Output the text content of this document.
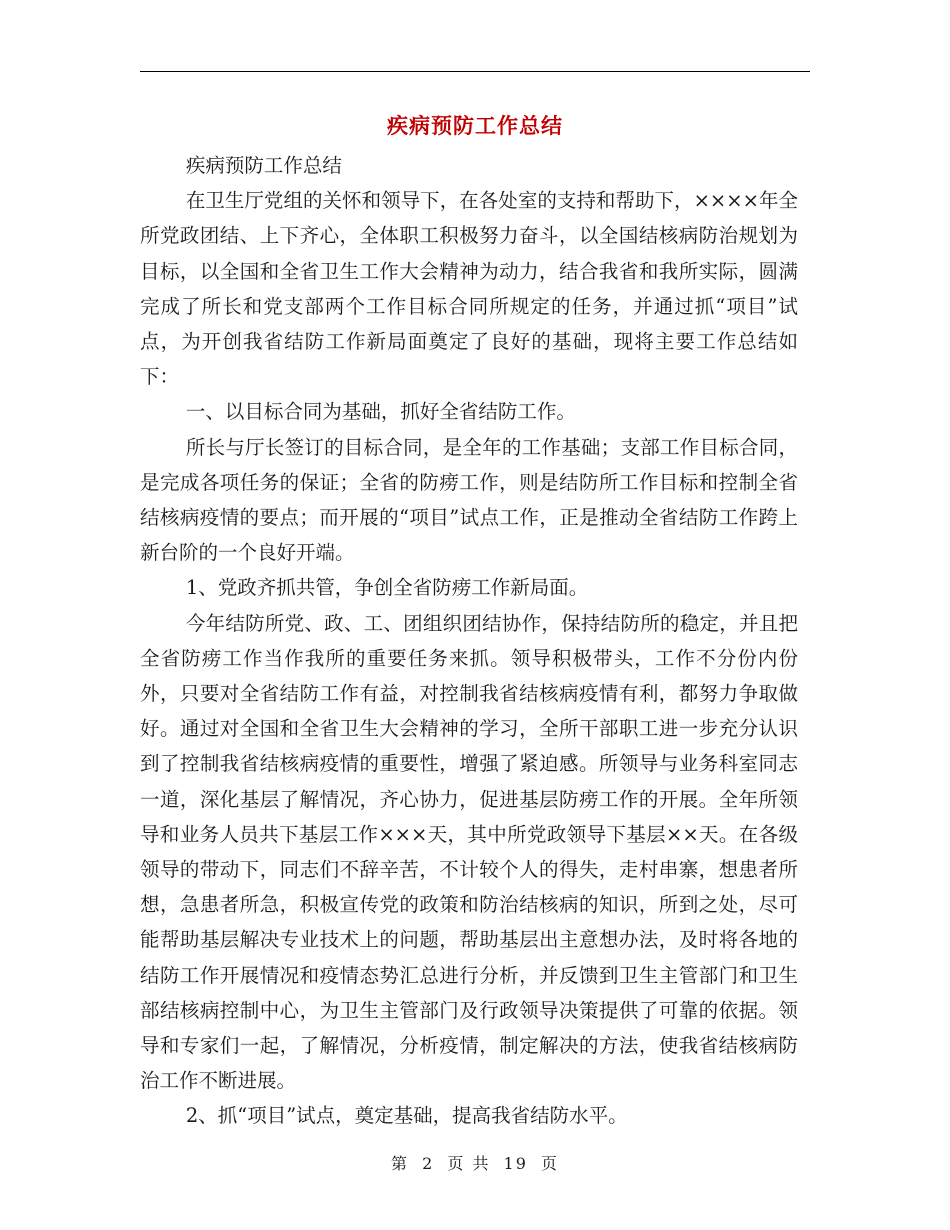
疾病预防工作总结

疾病预防工作总结

在卫生厅党组的关怀和领导下，在各处室的支持和帮助下，××××年全所党政团结、上下齐心，全体职工积极努力奋斗，以全国结核病防治规划为目标，以全国和全省卫生工作大会精神为动力，结合我省和我所实际，圆满完成了所长和党支部两个工作目标合同所规定的任务，并通过抓“项目”试点，为开创我省结防工作新局面奠定了良好的基础，现将主要工作总结如下：

一、以目标合同为基础，抓好全省结防工作。

所长与厅长签订的目标合同，是全年的工作基础；支部工作目标合同，是完成各项任务的保证；全省的防痨工作，则是结防所工作目标和控制全省结核病疫情的要点；而开展的“项目”试点工作，正是推动全省结防工作跨上新台阶的一个良好开端。

1、党政齐抓共管，争创全省防痨工作新局面。

今年结防所党、政、工、团组织团结协作，保持结防所的稳定，并且把全省防痨工作当作我所的重要任务来抓。领导积极带头，工作不分份内份外，只要对全省结防工作有益，对控制我省结核病疫情有利，都努力争取做好。通过对全国和全省卫生大会精神的学习，全所干部职工进一步充分认识到了控制我省结核病疫情的重要性，增强了紧迫感。所领导与业务科室同志一道，深化基层了解情况，齐心协力，促进基层防痨工作的开展。全年所领导和业务人员共下基层工作×××天，其中所党政领导下基层××天。在各级领导的带动下，同志们不辞辛苦，不计较个人的得失，走村串寨，想患者所想，急患者所急，积极宣传党的政策和防治结核病的知识，所到之处，尽可能帮助基层解决专业技术上的问题，帮助基层出主意想办法，及时将各地的结防工作开展情况和疫情态势汇总进行分析，并反馈到卫生主管部门和卫生部结核病控制中心，为卫生主管部门及行政领导决策提供了可靠的依据。领导和专家们一起，了解情况，分析疫情，制定解决的方法，使我省结核病防治工作不断进展。

2、抓“项目”试点，奠定基础，提高我省结防水平。

第 2 页 共 19 页
